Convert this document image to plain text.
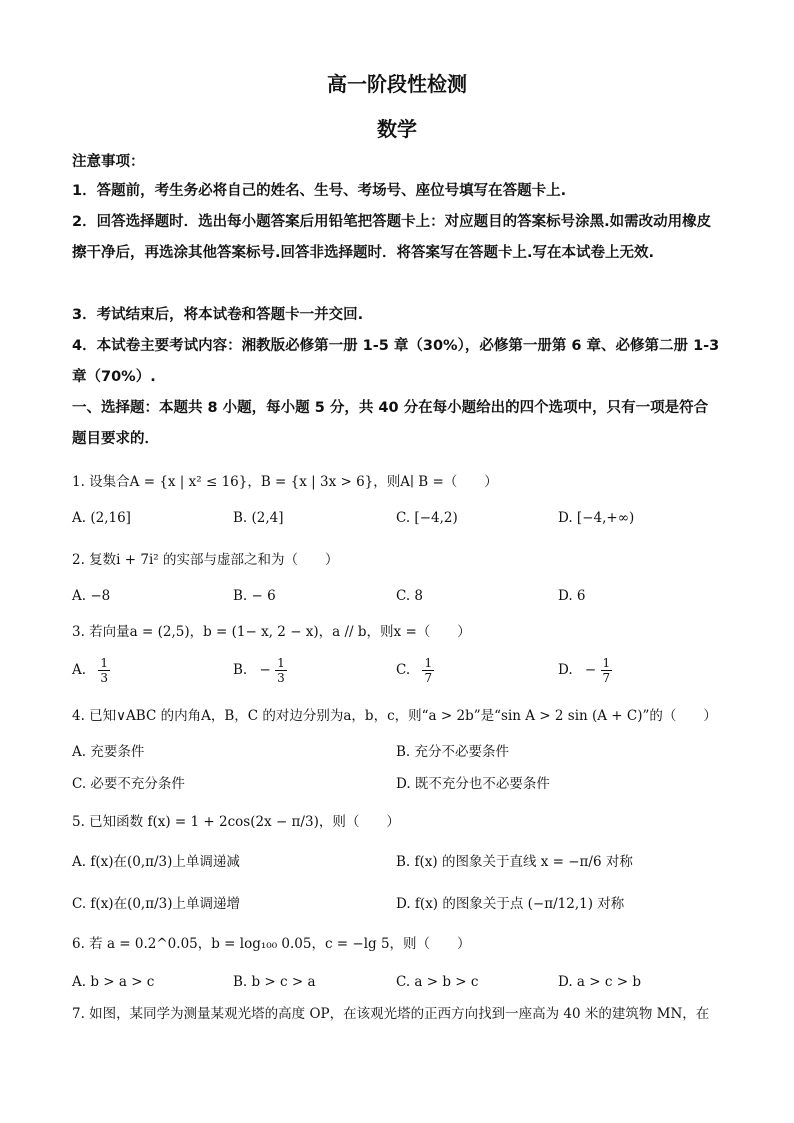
高一阶段性检测
数学
注意事项：
1．答题前，考生务必将自己的姓名、生号、考场号、座位号填写在答题卡上.
2．回答选择题时．选出每小题答案后用铅笔把答题卡上：对应题目的答案标号涂黑.如需改动用橡皮擦干净后，再选涂其他答案标号.回答非选择题时．将答案写在答题卡上.写在本试卷上无效.
3．考试结束后，将本试卷和答题卡一并交回.
4．本试卷主要考试内容：湘教版必修第一册 1-5 章（30%），必修第一册第 6 章、必修第二册 1-3 章（70%）.
一、选择题：本题共 8 小题，每小题 5 分，共 40 分在每小题给出的四个选项中，只有一项是符合题目要求的．
1. 设集合A = {x | x² ≤ 16}，B = {x | 3x > 6}，则A∣ B =（　　）
A. (2,16]	B. (2,4]	C. [−4,2)	D. [−4,+∞)
2. 复数i + 7i² 的实部与虚部之和为（　　）
A. −8	B. − 6	C. 8	D. 6
3. 若向量a = (2,5)，b = (1− x, 2 − x)，a // b，则x =（　　）
A. $\frac{1}{3}$	B. − $\frac{1}{3}$	C. $\frac{1}{7}$	D. − $\frac{1}{7}$
4. 已知∨ABC 的内角A，B，C 的对边分别为a，b，c，则“a > 2b”是“sin A > 2 sin (A + C)”的（　　）
A. 充要条件	B. 充分不必要条件
C. 必要不充分条件	D. 既不充分也不必要条件
5. 已知函数 f(x) = 1 + 2cos(2x − π/3)，则（　　）
A. f(x)在(0,π/3)上单调递减	B. f(x) 的图象关于直线 x = −π/6 对称
C. f(x)在(0,π/3)上单调递增	D. f(x) 的图象关于点 (−π/12,1) 对称
6. 若 a = 0.2^0.05，b = log₁₀₀ 0.05，c = −lg 5，则（　　）
A. b > a > c	B. b > c > a	C. a > b > c	D. a > c > b
7. 如图，某同学为测量某观光塔的高度 OP，在该观光塔的正西方向找到一座高为 40 米的建筑物 MN，在
